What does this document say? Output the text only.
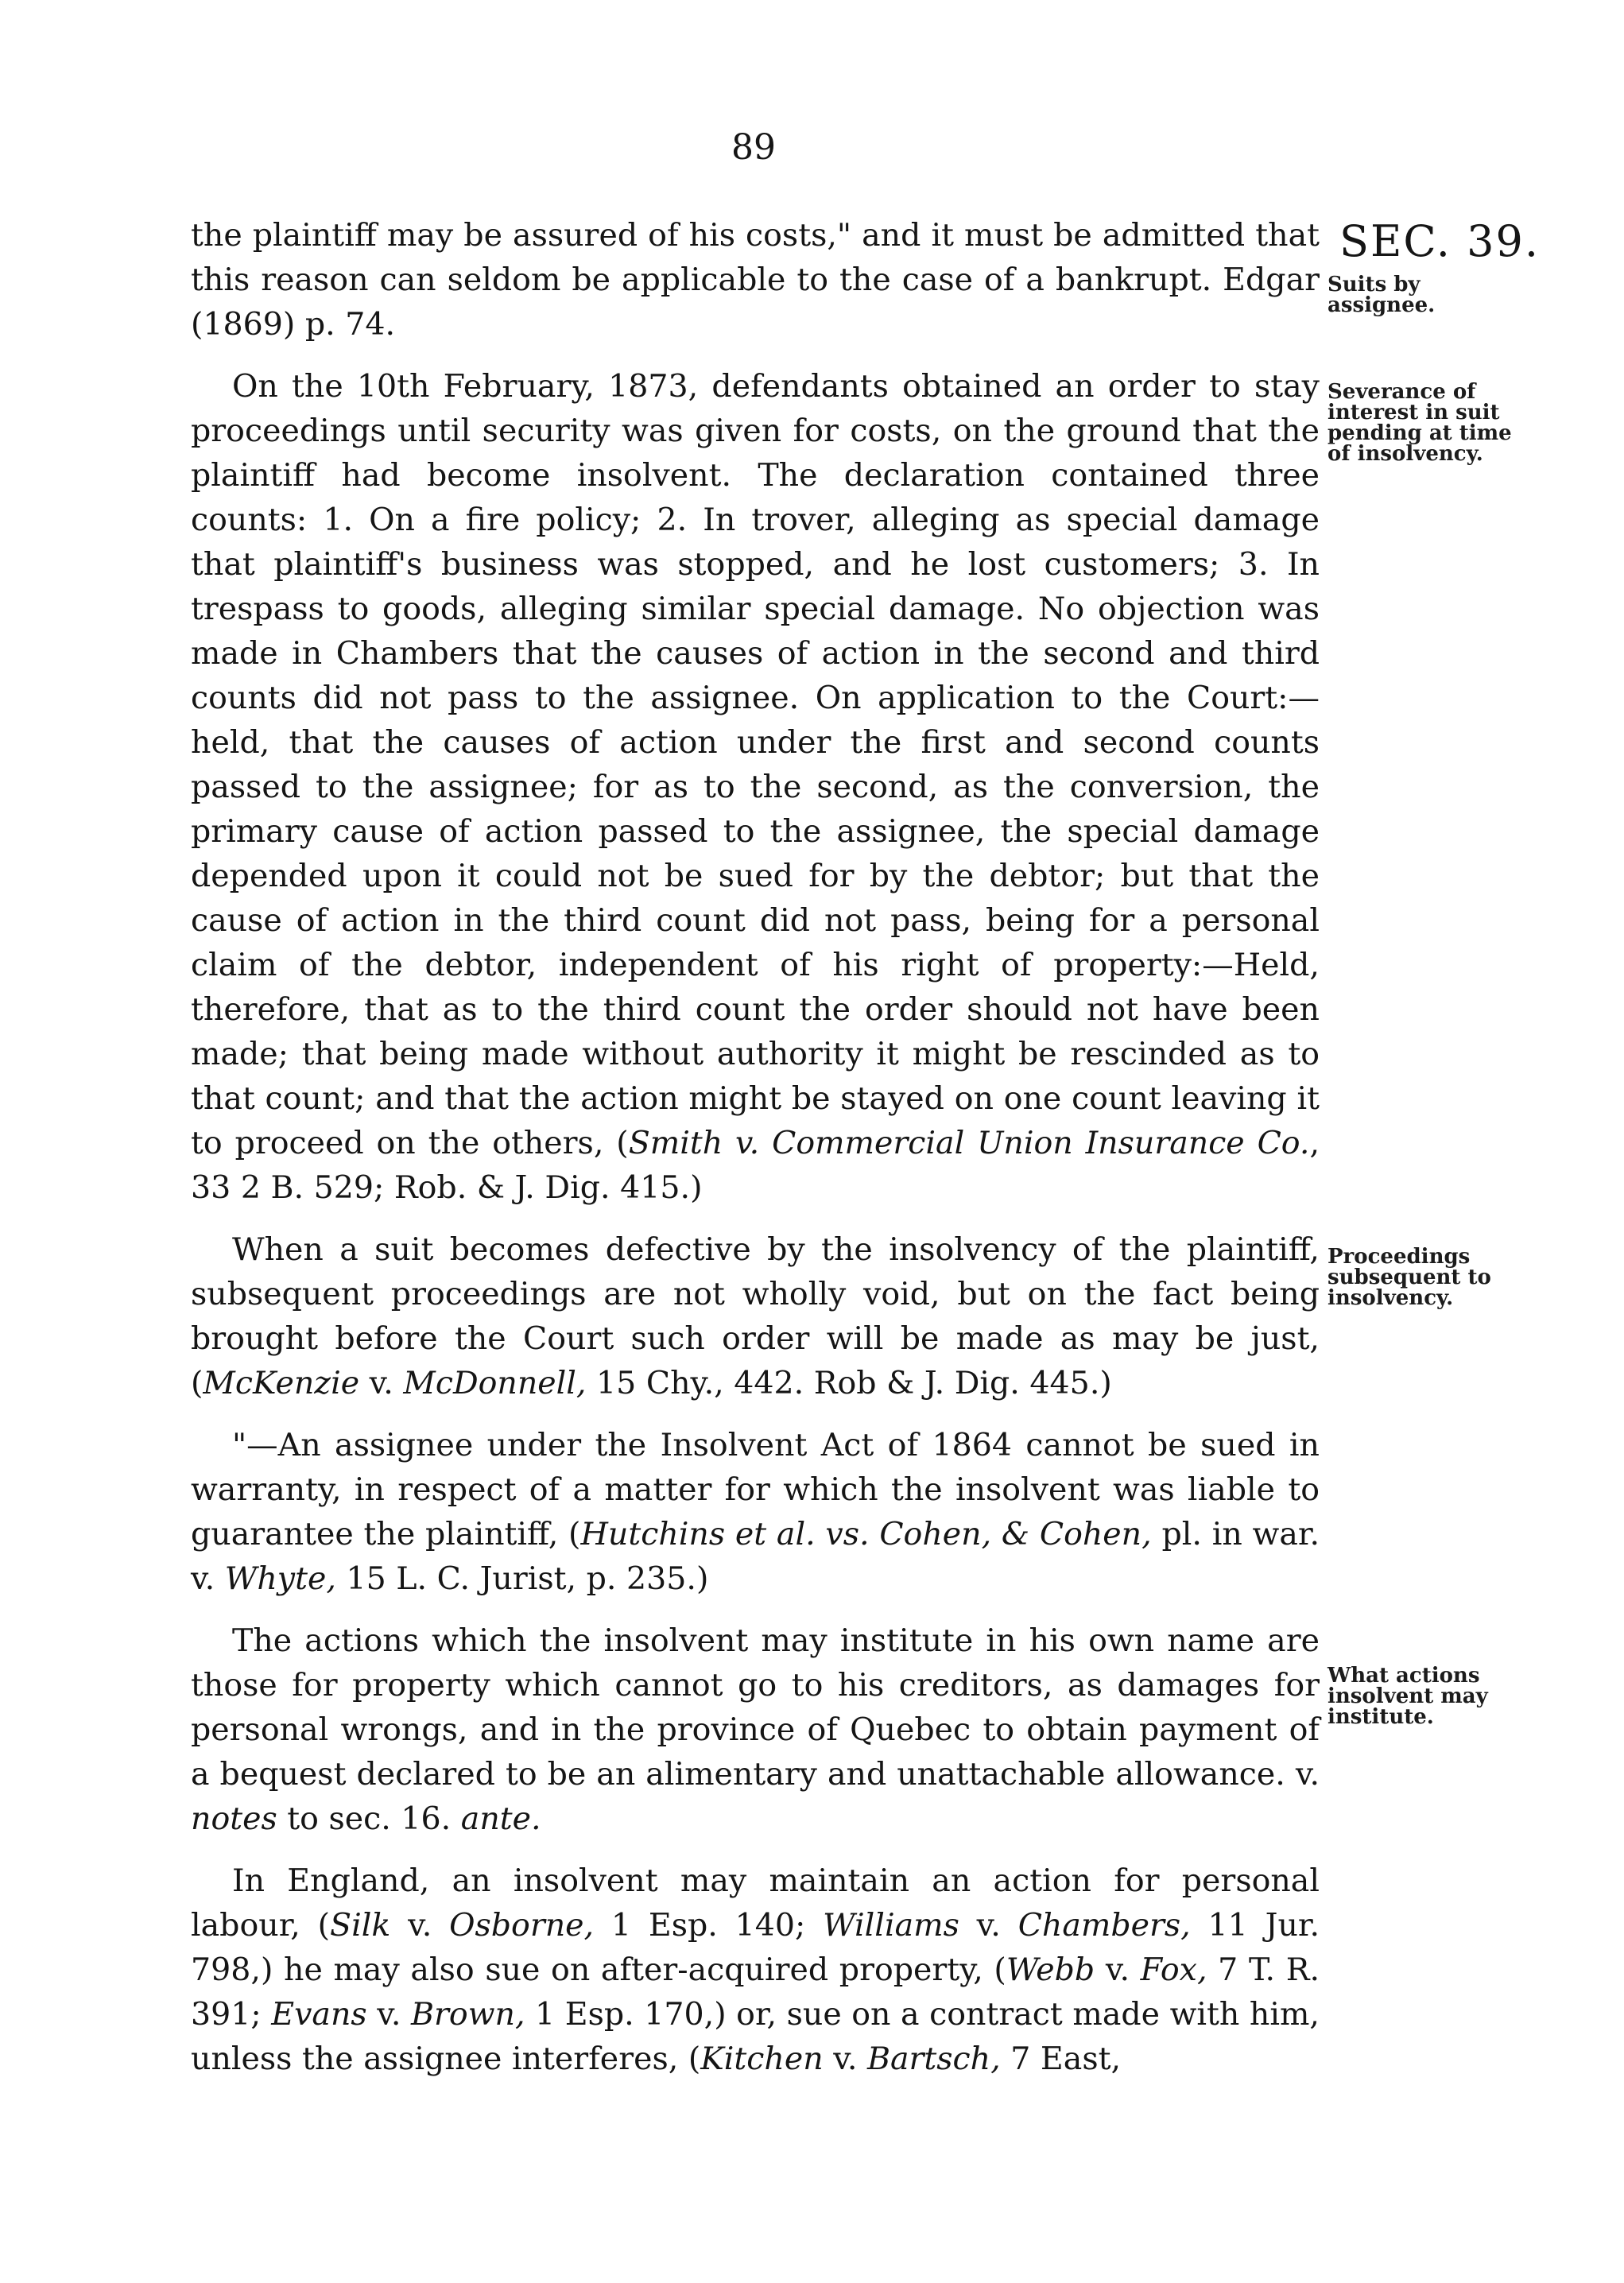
89
SEC. 39.
Suits by assignee.
Severance of interest in suit pending at time of insolvency.
Proceedings subsequent to insolvency.
What actions insolvent may institute.

the plaintiff may be assured of his costs," and it must be admitted that this reason can seldom be applicable to the case of a bankrupt. Edgar (1869) p. 74.

On the 10th February, 1873, defendants obtained an order to stay proceedings until security was given for costs, on the ground that the plaintiff had become insolvent. The declaration contained three counts: 1. On a fire policy; 2. In trover, alleging as special damage that plaintiff's business was stopped, and he lost customers; 3. In trespass to goods, alleging similar special damage. No objection was made in Chambers that the causes of action in the second and third counts did not pass to the assignee. On application to the Court:—held, that the causes of action under the first and second counts passed to the assignee; for as to the second, as the conversion, the primary cause of action passed to the assignee, the special damage depended upon it could not be sued for by the debtor; but that the cause of action in the third count did not pass, being for a personal claim of the debtor, independent of his right of property:—Held, therefore, that as to the third count the order should not have been made; that being made without authority it might be rescinded as to that count; and that the action might be stayed on one count leaving it to proceed on the others, (Smith v. Commercial Union Insurance Co., 33 2 B. 529; Rob. & J. Dig. 415.)

When a suit becomes defective by the insolvency of the plaintiff, subsequent proceedings are not wholly void, but on the fact being brought before the Court such order will be made as may be just, (McKenzie v. McDonnell, 15 Chy., 442. Rob & J. Dig. 445.)

"—An assignee under the Insolvent Act of 1864 cannot be sued in warranty, in respect of a matter for which the insolvent was liable to guarantee the plaintiff, (Hutchins et al. vs. Cohen, & Cohen, pl. in war. v. Whyte, 15 L. C. Jurist, p. 235.)

The actions which the insolvent may institute in his own name are those for property which cannot go to his creditors, as damages for personal wrongs, and in the province of Quebec to obtain payment of a bequest declared to be an alimentary and unattachable allowance. v. notes to sec. 16. ante.

In England, an insolvent may maintain an action for personal labour, (Silk v. Osborne, 1 Esp. 140; Williams v. Chambers, 11 Jur. 798,) he may also sue on after-acquired property, (Webb v. Fox, 7 T. R. 391; Evans v. Brown, 1 Esp. 170,) or, sue on a contract made with him, unless the assignee interferes, (Kitchen v. Bartsch, 7 East,
